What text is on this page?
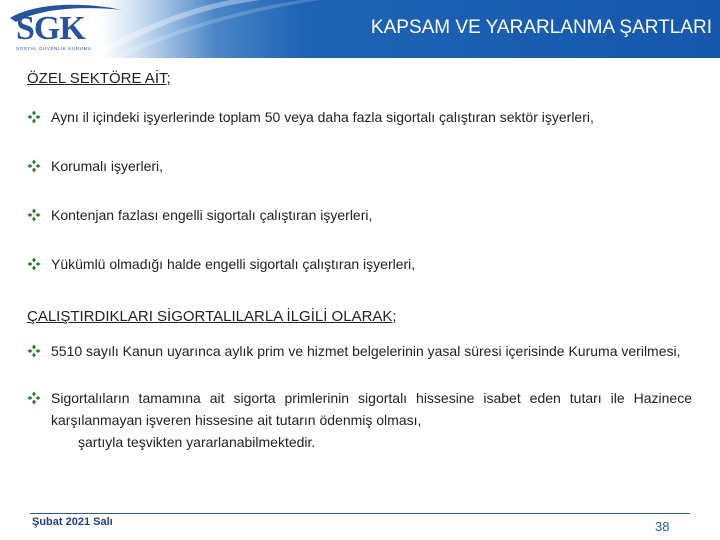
SGK
SOSYAL GÜVENLİK KURUMU
KAPSAM VE YARARLANMA ŞARTLARI
ÖZEL SEKTÖRE AİT;
Aynı il içindeki işyerlerinde toplam 50 veya daha fazla sigortalı çalıştıran sektör işyerleri,
Korumalı işyerleri,
Kontenjan fazlası engelli sigortalı çalıştıran işyerleri,
Yükümlü olmadığı halde engelli sigortalı çalıştıran işyerleri,
ÇALIŞTIRDIKLARI SİGORTALILARLA İLGİLİ OLARAK;
5510 sayılı Kanun uyarınca aylık prim ve hizmet belgelerinin yasal süresi içerisinde Kuruma verilmesi,
Sigortalıların tamamına ait sigorta primlerinin sigortalı hissesine isabet eden tutarı ile Hazinece karşılanmayan işveren hissesine ait tutarın ödenmiş olması,
şartıyla teşvikten yararlanabilmektedir.
Şubat 2021 Salı	38
